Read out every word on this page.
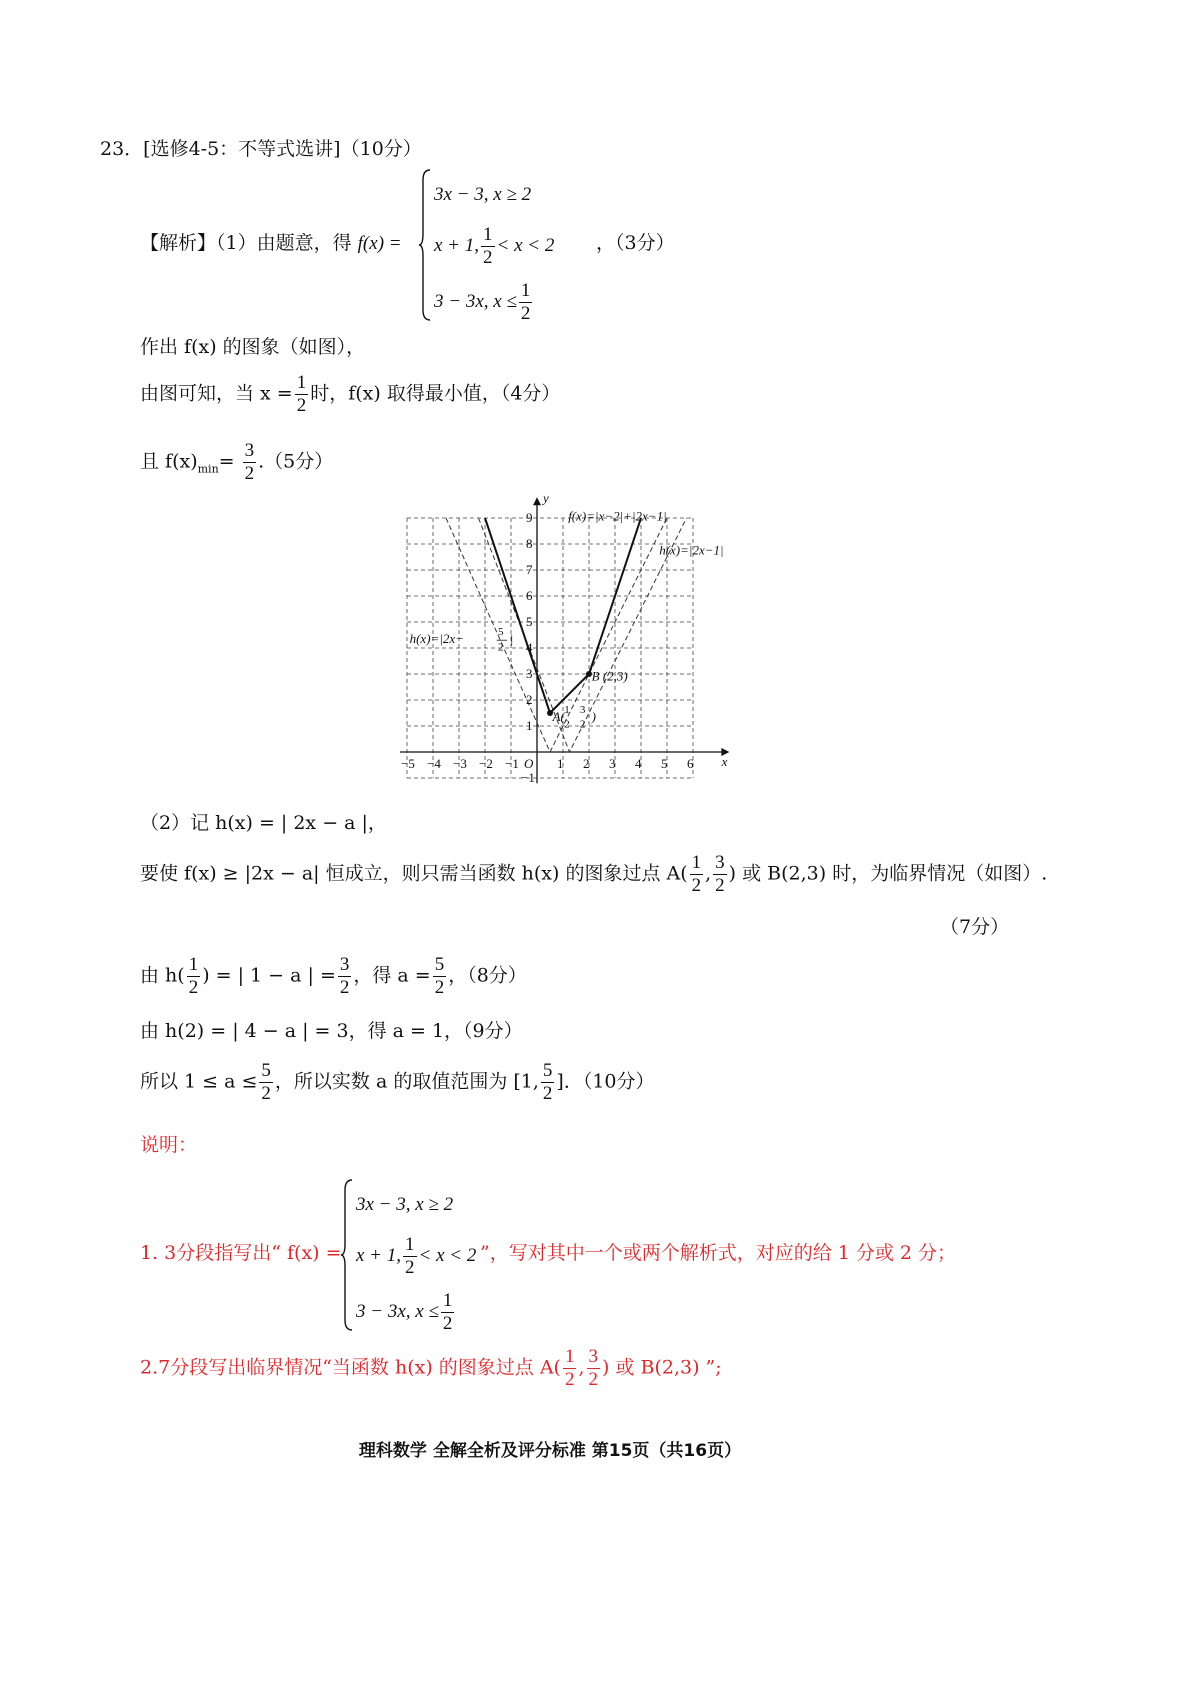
23．[选修4-5：不等式选讲]（10分）
【解析】（1）由题意，得 f(x) =
3x − 3, x ≥ 2
x + 1, $\frac{1}{2} < x < 2$
3 − 3x, $x \le \frac{1}{2}$
，（3分）
作出 f(x) 的图象（如图），
由图可知，当 $x = \frac{1}{2}$ 时，f(x) 取得最小值，（4分）
且 $f(x)_{min}= \frac{3}{2} .(5$分）
−5 −4 −3 −2 −1	1 2 3 4 5 6
−1
1
2
3
4
5
6
7
8
9
O	x
y
f(x)=|x−2|+|2x−1|
h(x)=|2x−1|
h(x)=|2x−	5
2
|
B (2,3)
A( 1
2
3
2
)
（2）记 h(x) = | 2x − a |，
要使 f(x) ≥ |2x − a| 恒成立，则只需当函数 h(x) 的图象过点 $A( \frac{1}{2}$ , $\frac{3}{2}$ ) 或 B(2,3) 时，为临界情况（如图）.
（7分）
由 $h( \frac{1}{2}$ ) = | 1 − a | = $\frac{3}{2}$ ，得 $a = \frac{5}{2}$ ，（8分）
由 h(2) = | 4 − a | = 3，得 a = 1，（9分）
所以 $1 \le a \le \frac{5}{2}$ ，所以实数 a 的取值范围为 [1, $\frac{5}{2}$ ]．（10分）
说明：
1. 3分段指写出“ f(x) =
3x − 3, x ≥ 2
x + 1, $\frac{1}{2} < x < 2$
3 − 3x, $x \le \frac{1}{2}$
”，写对其中一个或两个解析式，对应的给 1 分或 2 分；
2.7分段写出临界情况“当函数 h(x) 的图象过点 $A( \frac{1}{2}$ , $\frac{3}{2}$ ) 或 B(2,3) ”;
理科数学 全解全析及评分标准 第15页（共16页）
